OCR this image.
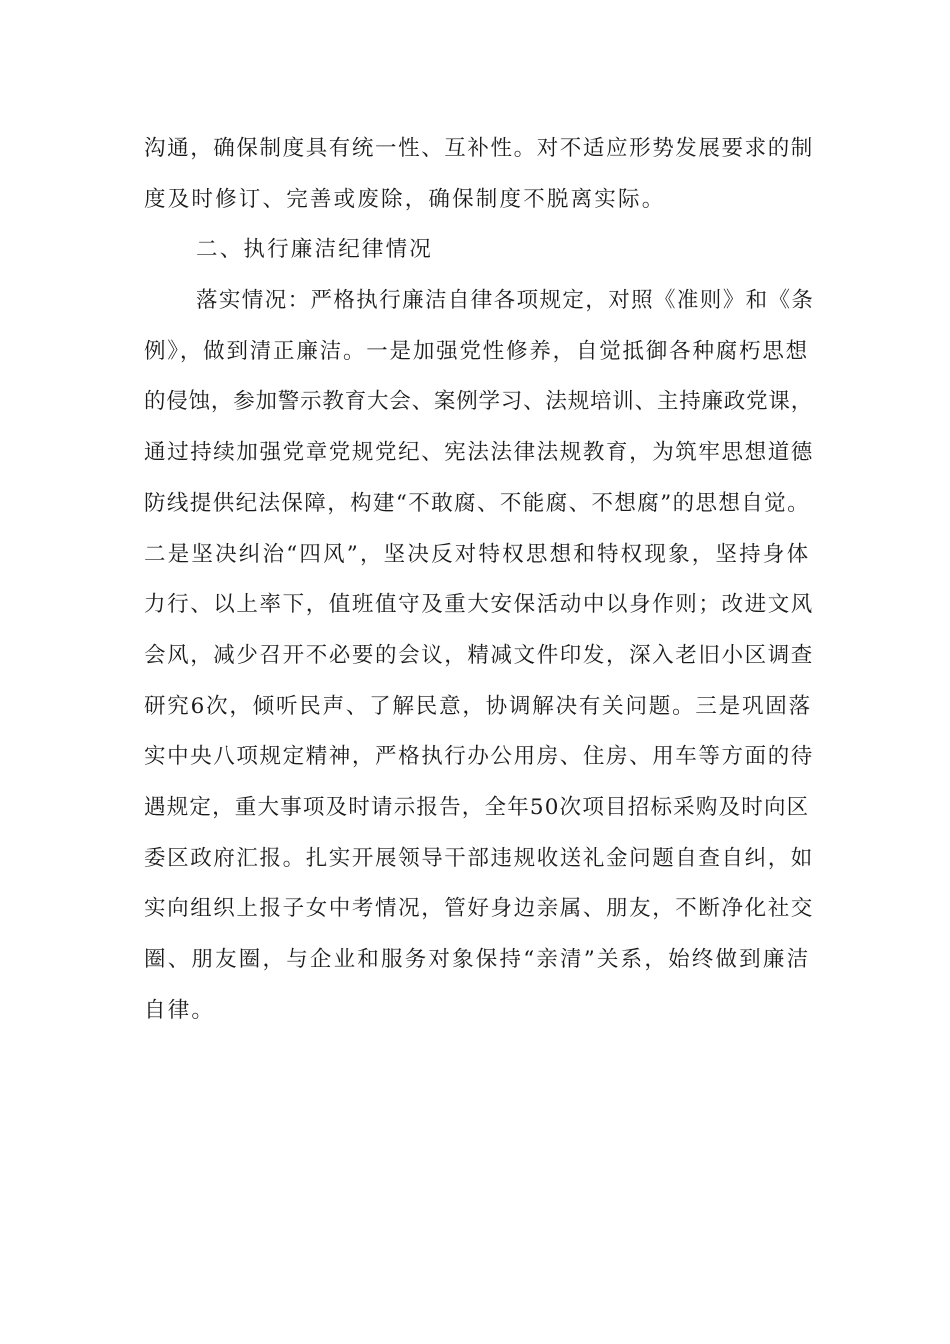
沟通，确保制度具有统一性、互补性。对不适应形势发展要求的制
度及时修订、完善或废除，确保制度不脱离实际。
二、执行廉洁纪律情况
落实情况：严格执行廉洁自律各项规定，对照《准则》和《条
例》，做到清正廉洁。一是加强党性修养，自觉抵御各种腐朽思想
的侵蚀，参加警示教育大会、案例学习、法规培训、主持廉政党课，
通过持续加强党章党规党纪、宪法法律法规教育，为筑牢思想道德
防线提供纪法保障，构建“不敢腐、不能腐、不想腐”的思想自觉。
二是坚决纠治“四风”，坚决反对特权思想和特权现象，坚持身体
力行、以上率下，值班值守及重大安保活动中以身作则；改进文风
会风，减少召开不必要的会议，精减文件印发，深入老旧小区调查
研究6次，倾听民声、了解民意，协调解决有关问题。三是巩固落
实中央八项规定精神，严格执行办公用房、住房、用车等方面的待
遇规定，重大事项及时请示报告，全年50次项目招标采购及时向区
委区政府汇报。扎实开展领导干部违规收送礼金问题自查自纠，如
实向组织上报子女中考情况，管好身边亲属、朋友，不断净化社交
圈、朋友圈，与企业和服务对象保持“亲清”关系，始终做到廉洁
自律。
